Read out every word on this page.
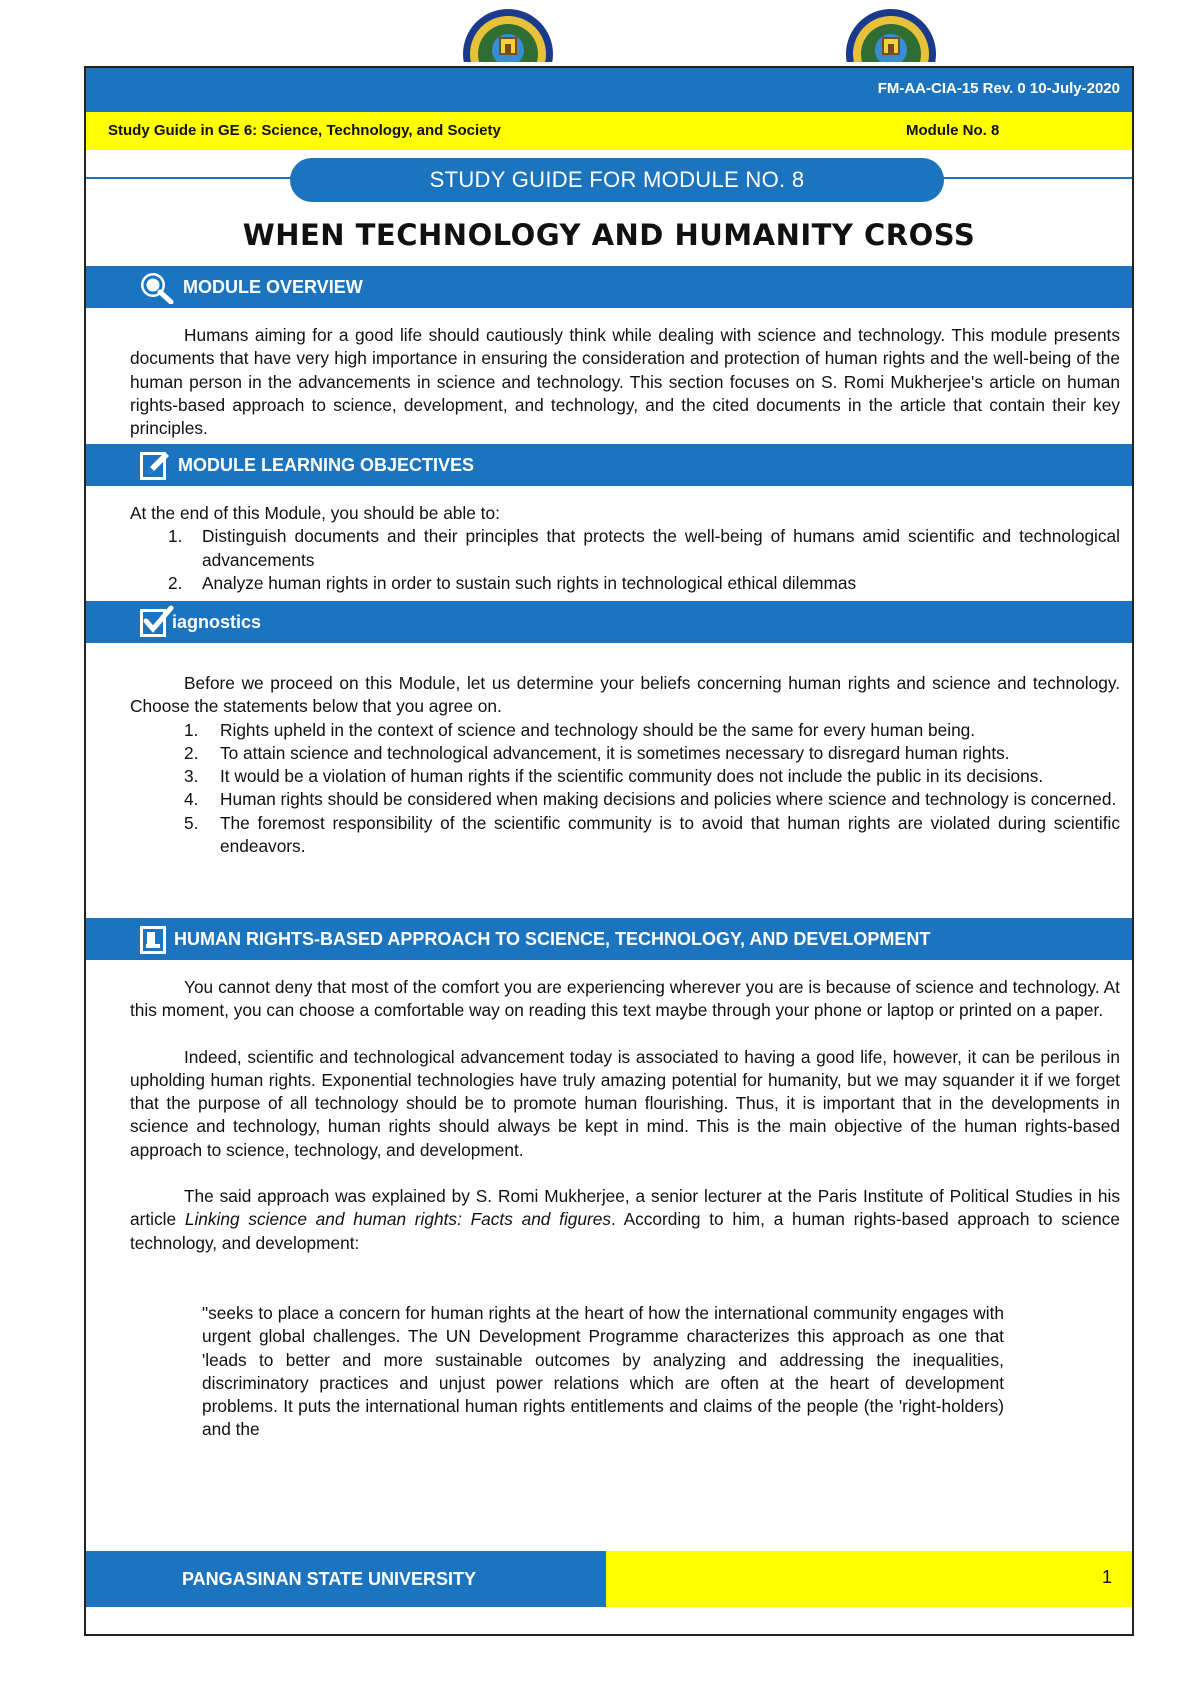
FM-AA-CIA-15 Rev. 0 10-July-2020
Study Guide in GE 6: Science, Technology, and Society	Module No. 8
STUDY GUIDE FOR MODULE NO. 8
WHEN TECHNOLOGY AND HUMANITY CROSS
MODULE OVERVIEW

Humans aiming for a good life should cautiously think while dealing with science and technology. This module presents documents that have very high importance in ensuring the consideration and protection of human rights and the well-being of the human person in the advancements in science and technology. This section focuses on S. Romi Mukherjee's article on human rights-based approach to science, development, and technology, and the cited documents in the article that contain their key principles.

MODULE LEARNING OBJECTIVES

At the end of this Module, you should be able to:

1. Distinguish documents and their principles that protects the well-being of humans amid scientific and technological advancements
2. Analyze human rights in order to sustain such rights in technological ethical dilemmas
iagnostics

Before we proceed on this Module, let us determine your beliefs concerning human rights and science and technology. Choose the statements below that you agree on.

1. Rights upheld in the context of science and technology should be the same for every human being.
2. To attain science and technological advancement, it is sometimes necessary to disregard human rights.
3. It would be a violation of human rights if the scientific community does not include the public in its decisions.
4. Human rights should be considered when making decisions and policies where science and technology is concerned.
5. The foremost responsibility of the scientific community is to avoid that human rights are violated during scientific endeavors.
HUMAN RIGHTS-BASED APPROACH TO SCIENCE, TECHNOLOGY, AND DEVELOPMENT

You cannot deny that most of the comfort you are experiencing wherever you are is because of science and technology. At this moment, you can choose a comfortable way on reading this text maybe through your phone or laptop or printed on a paper.

Indeed, scientific and technological advancement today is associated to having a good life, however, it can be perilous in upholding human rights. Exponential technologies have truly amazing potential for humanity, but we may squander it if we forget that the purpose of all technology should be to promote human flourishing. Thus, it is important that in the developments in science and technology, human rights should always be kept in mind. This is the main objective of the human rights-based approach to science, technology, and development.

The said approach was explained by S. Romi Mukherjee, a senior lecturer at the Paris Institute of Political Studies in his article Linking science and human rights: Facts and figures. According to him, a human rights-based approach to science technology, and development:

"seeks to place a concern for human rights at the heart of how the international community engages with urgent global challenges. The UN Development Programme characterizes this approach as one that 'leads to better and more sustainable outcomes by analyzing and addressing the inequalities, discriminatory practices and unjust power relations which are often at the heart of development problems. It puts the international human rights entitlements and claims of the people (the 'right-holders) and the
PANGASINAN STATE UNIVERSITY	1
